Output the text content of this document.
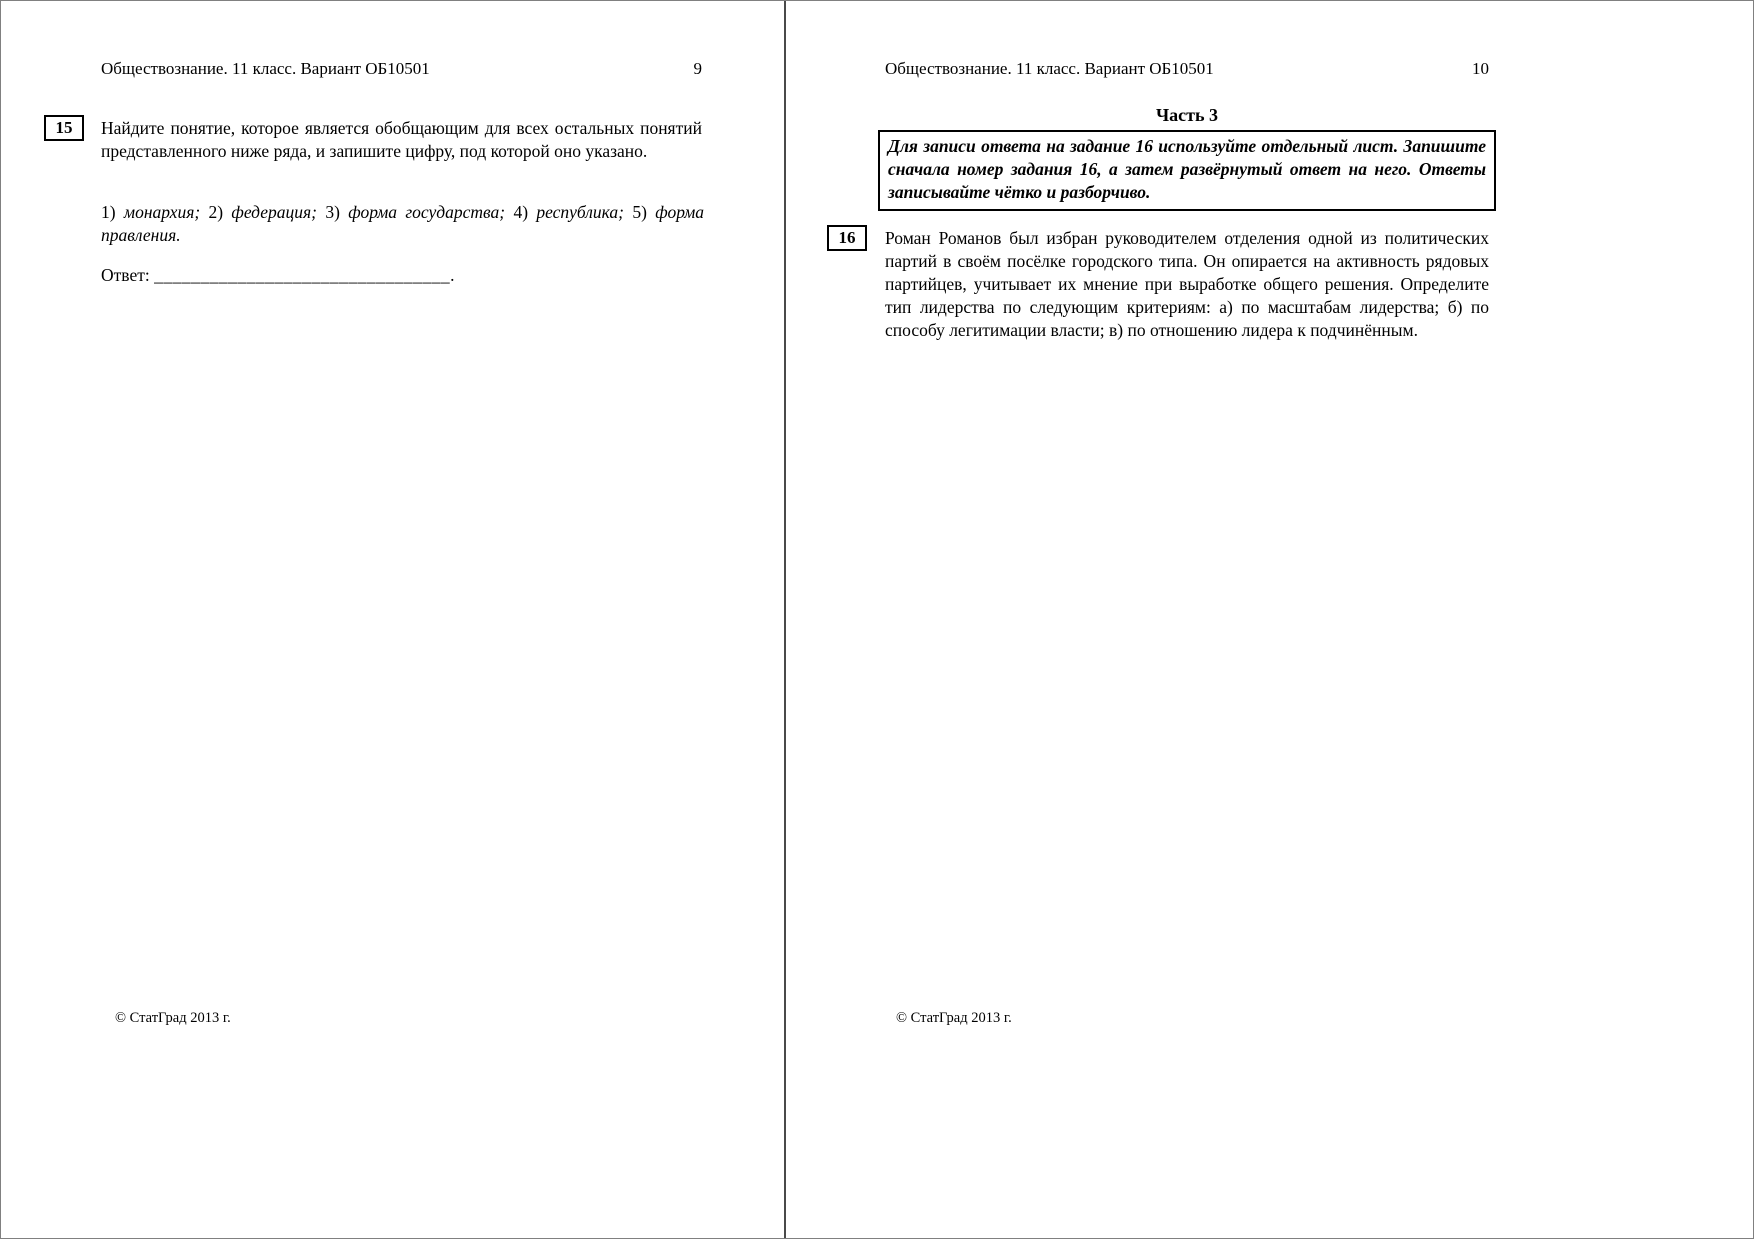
Обществознание. 11 класс. Вариант ОБ10501	9
15	Найдите понятие, которое является обобщающим для всех остальных понятий представленного ниже ряда, и запишите цифру, под которой оно указано.
1) монархия; 2) федерация; 3) форма государства; 4) республика; 5) форма правления.
Ответ: ________________________________.
© СтатГрад 2013 г.
Обществознание. 11 класс. Вариант ОБ10501	10
Часть 3
Для записи ответа на задание 16 используйте отдельный лист. Запишите сначала номер задания 16, а затем развёрнутый ответ на него. Ответы записывайте чётко и разборчиво.
16	Роман Романов был избран руководителем отделения одной из политических партий в своём посёлке городского типа. Он опирается на активность рядовых партийцев, учитывает их мнение при выработке общего решения. Определите тип лидерства по следующим критериям: а) по масштабам лидерства; б) по способу легитимации власти; в) по отношению лидера к подчинённым.
© СтатГрад 2013 г.
